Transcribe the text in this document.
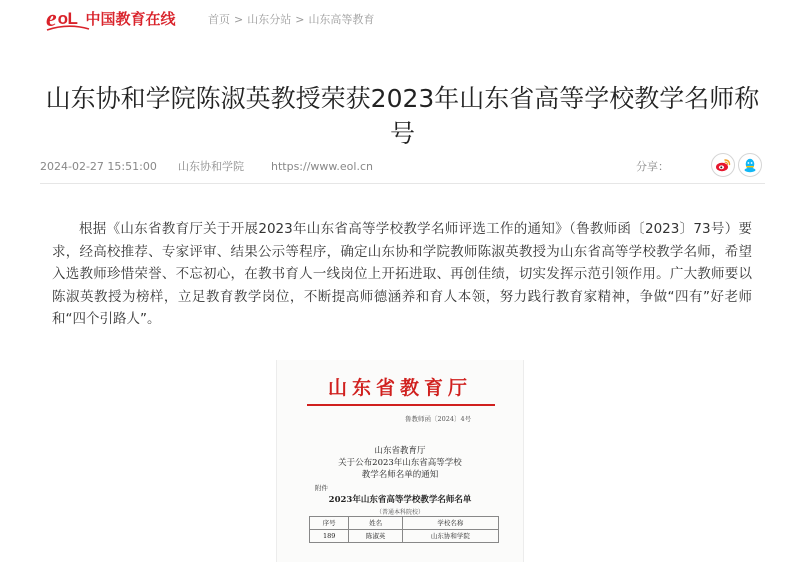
e oL 中国教育在线	首页 > 山东分站 > 山东高等教育
山东协和学院陈淑英教授荣获2023年山东省高等学校教学名师称号
2024-02-27 15:51:00 山东协和学院 https://www.eol.cn	分享：

根据《山东省教育厅关于开展2023年山东省高等学校教学名师评选工作的通知》（鲁教师函〔2023〕73号）要求，经高校推荐、专家评审、结果公示等程序，确定山东协和学院教师陈淑英教授为山东省高等学校教学名师，希望入选教师珍惜荣誉、不忘初心，在教书育人一线岗位上开拓进取、再创佳绩，切实发挥示范引领作用。广大教师要以陈淑英教授为榜样，立足教育教学岗位，不断提高师德涵养和育人本领，努力践行教育家精神，争做“四有”好老师和“四个引路人”。

山东省教育厅
鲁教师函〔2024〕4号
山东省教育厅
关于公布2023年山东省高等学校
教学名师名单的通知
附件
2023年山东省高等学校教学名师名单
（普通本科院校）
序号	姓名	学校名称
189	陈淑英	山东协和学院
